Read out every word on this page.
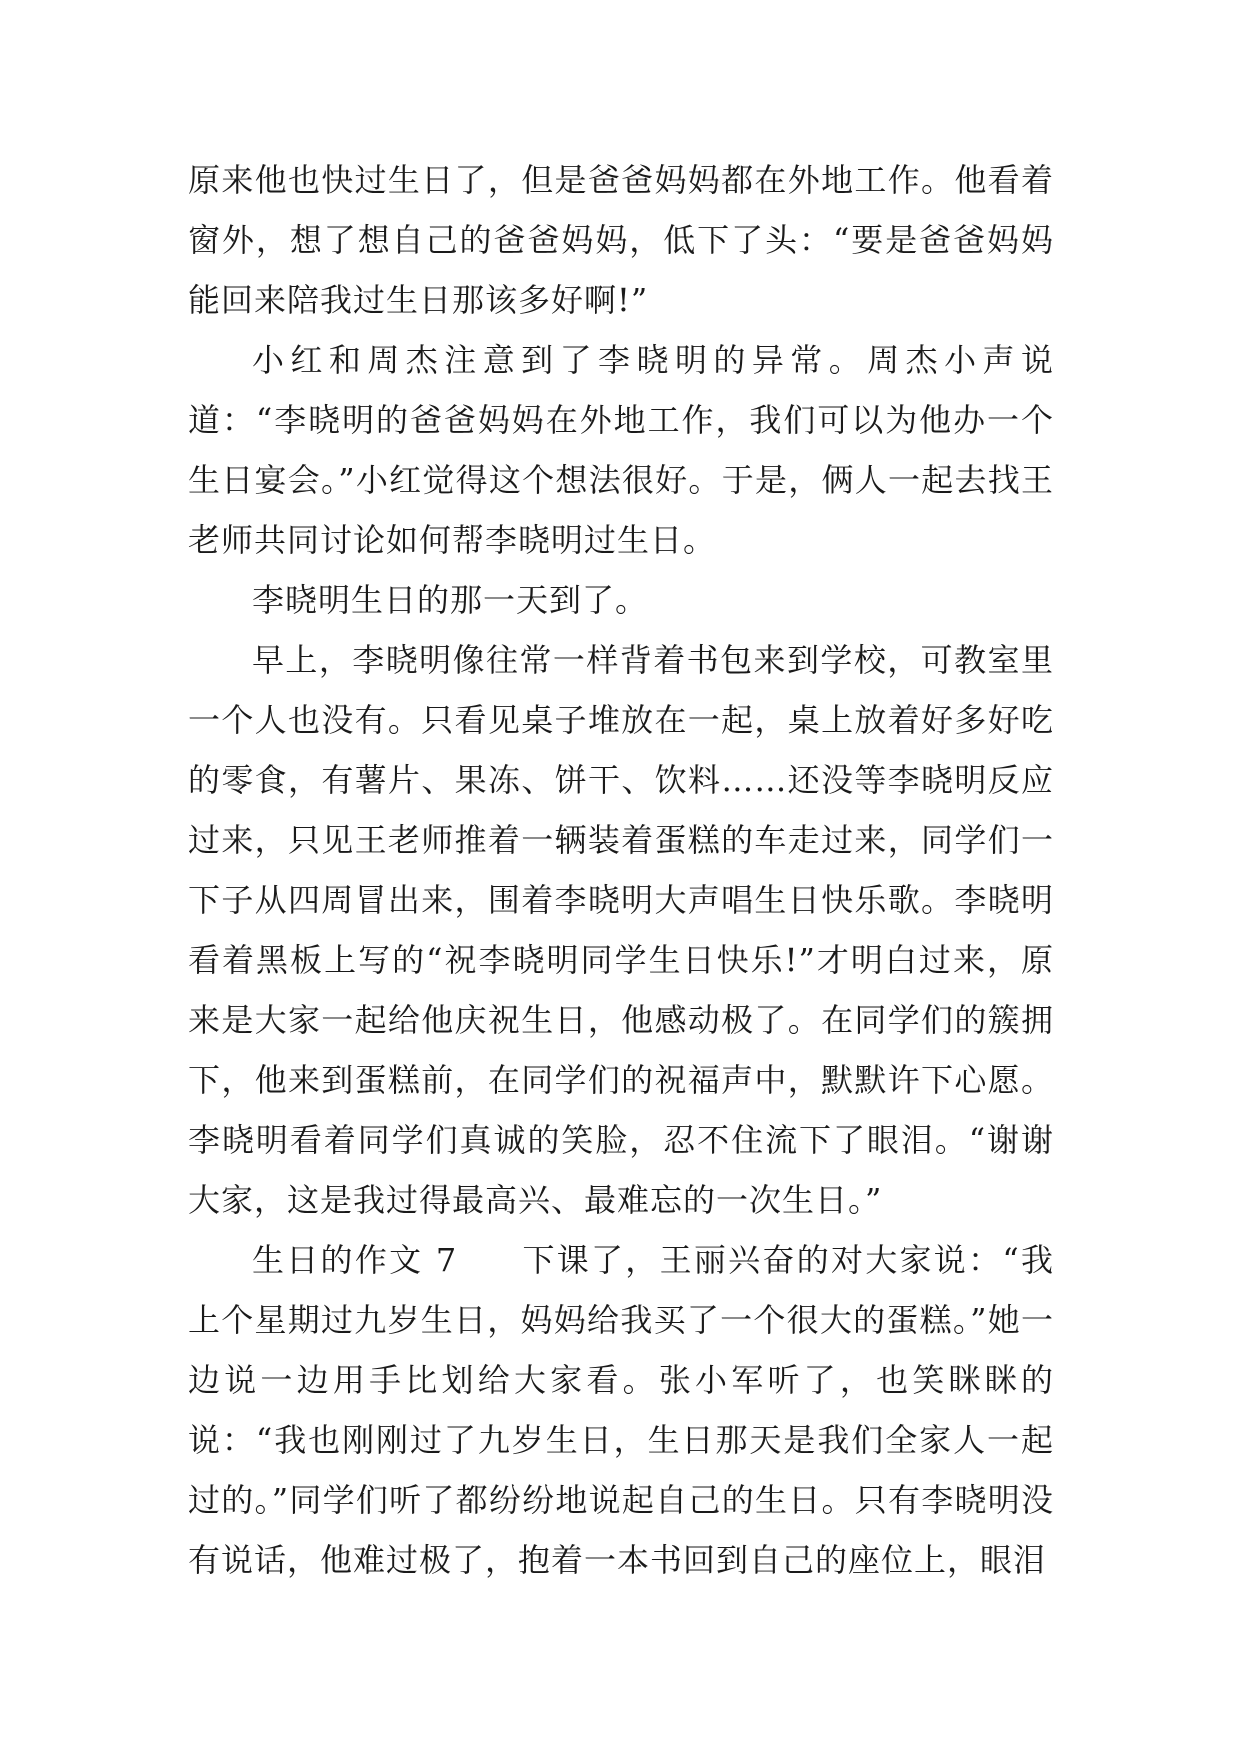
原来他也快过生日了，但是爸爸妈妈都在外地工作。他看着窗外，想了想自己的爸爸妈妈，低下了头：“要是爸爸妈妈能回来陪我过生日那该多好啊!”

小红和周杰注意到了李晓明的异常。周杰小声说道：“李晓明的爸爸妈妈在外地工作，我们可以为他办一个生日宴会。”小红觉得这个想法很好。于是，俩人一起去找王老师共同讨论如何帮李晓明过生日。

李晓明生日的那一天到了。

早上，李晓明像往常一样背着书包来到学校，可教室里一个人也没有。只看见桌子堆放在一起，桌上放着好多好吃的零食，有薯片、果冻、饼干、饮料……还没等李晓明反应过来，只见王老师推着一辆装着蛋糕的车走过来，同学们一下子从四周冒出来，围着李晓明大声唱生日快乐歌。李晓明看着黑板上写的“祝李晓明同学生日快乐!”才明白过来，原来是大家一起给他庆祝生日，他感动极了。在同学们的簇拥下，他来到蛋糕前，在同学们的祝福声中，默默许下心愿。李晓明看着同学们真诚的笑脸，忍不住流下了眼泪。“谢谢大家，这是我过得最高兴、最难忘的一次生日。”

生日的作文 7 下课了，王丽兴奋的对大家说：“我上个星期过九岁生日，妈妈给我买了一个很大的蛋糕。”她一边说一边用手比划给大家看。张小军听了，也笑眯眯的说：“我也刚刚过了九岁生日，生日那天是我们全家人一起过的。”同学们听了都纷纷地说起自己的生日。只有李晓明没有说话，他难过极了，抱着一本书回到自己的座位上，眼泪
